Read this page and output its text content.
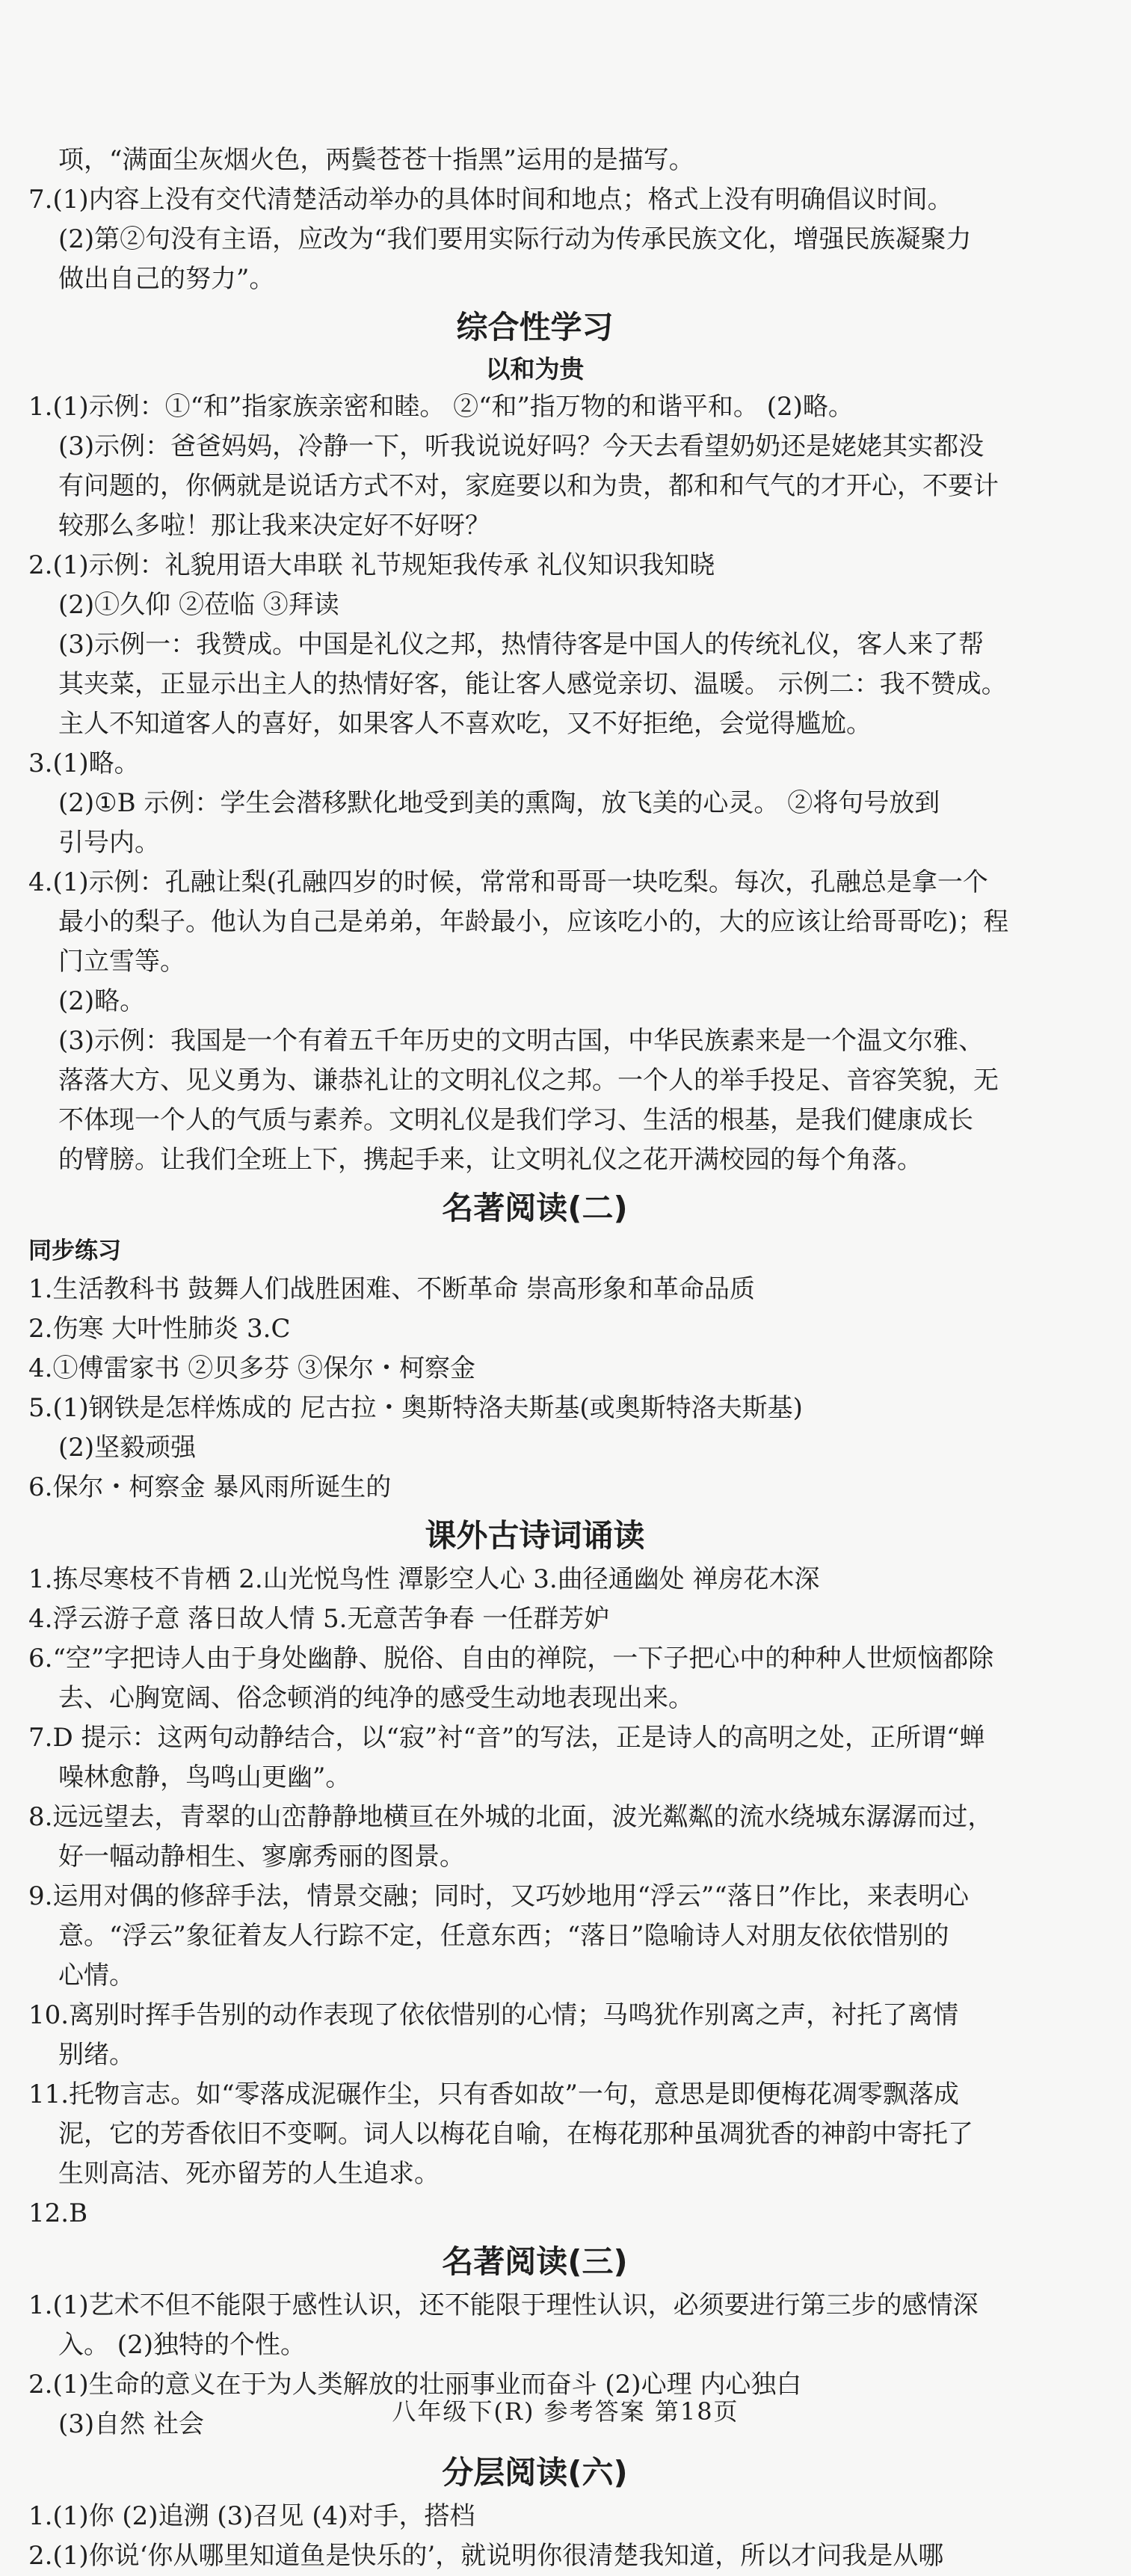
项，“满面尘灰烟火色，两鬓苍苍十指黑”运用的是描写。
7.(1)内容上没有交代清楚活动举办的具体时间和地点；格式上没有明确倡议时间。
(2)第②句没有主语，应改为“我们要用实际行动为传承民族文化，增强民族凝聚力
做出自己的努力”。
综合性学习
以和为贵
1.(1)示例：①“和”指家族亲密和睦。 ②“和”指万物的和谐平和。 (2)略。
(3)示例：爸爸妈妈，冷静一下，听我说说好吗？今天去看望奶奶还是姥姥其实都没
有问题的，你俩就是说话方式不对，家庭要以和为贵，都和和气气的才开心，不要计
较那么多啦！那让我来决定好不好呀？
2.(1)示例：礼貌用语大串联 礼节规矩我传承 礼仪知识我知晓
(2)①久仰 ②莅临 ③拜读
(3)示例一：我赞成。中国是礼仪之邦，热情待客是中国人的传统礼仪，客人来了帮
其夹菜，正显示出主人的热情好客，能让客人感觉亲切、温暖。 示例二：我不赞成。
主人不知道客人的喜好，如果客人不喜欢吃，又不好拒绝，会觉得尴尬。
3.(1)略。
(2)①B 示例：学生会潜移默化地受到美的熏陶，放飞美的心灵。 ②将句号放到
引号内。
4.(1)示例：孔融让梨(孔融四岁的时候，常常和哥哥一块吃梨。每次，孔融总是拿一个
最小的梨子。他认为自己是弟弟，年龄最小，应该吃小的，大的应该让给哥哥吃)；程
门立雪等。
(2)略。
(3)示例：我国是一个有着五千年历史的文明古国，中华民族素来是一个温文尔雅、
落落大方、见义勇为、谦恭礼让的文明礼仪之邦。一个人的举手投足、音容笑貌，无
不体现一个人的气质与素养。文明礼仪是我们学习、生活的根基，是我们健康成长
的臂膀。让我们全班上下，携起手来，让文明礼仪之花开满校园的每个角落。
名著阅读(二)
同步练习
1.生活教科书 鼓舞人们战胜困难、不断革命 崇高形象和革命品质
2.伤寒 大叶性肺炎 3.C
4.①傅雷家书 ②贝多芬 ③保尔・柯察金
5.(1)钢铁是怎样炼成的 尼古拉・奥斯特洛夫斯基(或奥斯特洛夫斯基)
(2)坚毅顽强
6.保尔・柯察金 暴风雨所诞生的
课外古诗词诵读
1.拣尽寒枝不肯栖 2.山光悦鸟性 潭影空人心 3.曲径通幽处 禅房花木深
4.浮云游子意 落日故人情 5.无意苦争春 一任群芳妒
6.“空”字把诗人由于身处幽静、脱俗、自由的禅院，一下子把心中的种种人世烦恼都除
去、心胸宽阔、俗念顿消的纯净的感受生动地表现出来。
7.D 提示：这两句动静结合，以“寂”衬“音”的写法，正是诗人的高明之处，正所谓“蝉
噪林愈静，鸟鸣山更幽”。
8.远远望去，青翠的山峦静静地横亘在外城的北面，波光粼粼的流水绕城东潺潺而过，
好一幅动静相生、寥廓秀丽的图景。
9.运用对偶的修辞手法，情景交融；同时，又巧妙地用“浮云”“落日”作比，来表明心
意。“浮云”象征着友人行踪不定，任意东西；“落日”隐喻诗人对朋友依依惜别的
心情。
10.离别时挥手告别的动作表现了依依惜别的心情；马鸣犹作别离之声，衬托了离情
别绪。
11.托物言志。如“零落成泥碾作尘，只有香如故”一句，意思是即便梅花凋零飘落成
泥，它的芳香依旧不变啊。词人以梅花自喻，在梅花那种虽凋犹香的神韵中寄托了
生则高洁、死亦留芳的人生追求。
12.B
名著阅读(三)
1.(1)艺术不但不能限于感性认识，还不能限于理性认识，必须要进行第三步的感情深
入。 (2)独特的个性。
2.(1)生命的意义在于为人类解放的壮丽事业而奋斗 (2)心理 内心独白
(3)自然 社会
分层阅读(六)
1.(1)你 (2)追溯 (3)召见 (4)对手，搭档
2.(1)你说‘你从哪里知道鱼是快乐的’，就说明你很清楚我知道，所以才问我是从哪
八年级下(R) 参考答案 第18页
